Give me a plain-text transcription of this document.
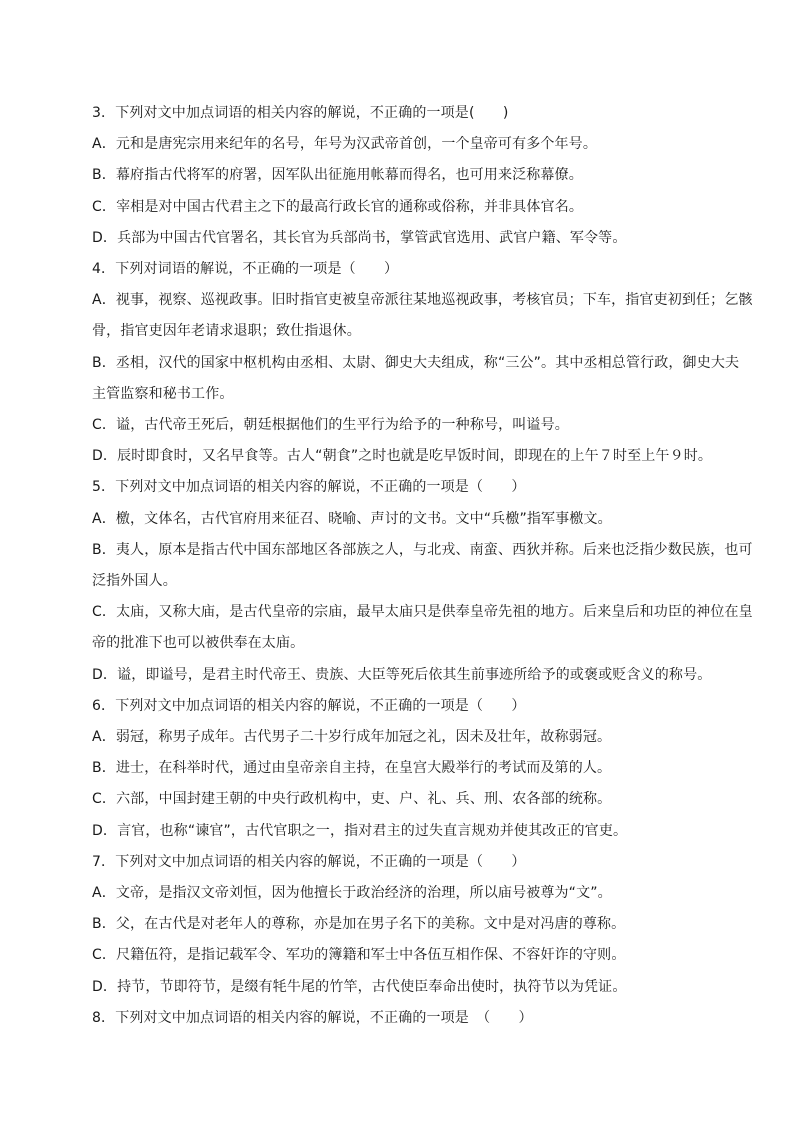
3．下列对文中加点词语的相关内容的解说，不正确的一项是(　　)
A．元和是唐宪宗用来纪年的名号，年号为汉武帝首创，一个皇帝可有多个年号。
B．幕府指古代将军的府署，因军队出征施用帐幕而得名，也可用来泛称幕僚。
C．宰相是对中国古代君主之下的最高行政长官的通称或俗称，并非具体官名。
D．兵部为中国古代官署名，其长官为兵部尚书，掌管武官选用、武官户籍、军令等。
4．下列对词语的解说，不正确的一项是（　　）
A．视事，视察、巡视政事。旧时指官吏被皇帝派往某地巡视政事，考核官员；下车，指官吏初到任；乞骸
骨，指官吏因年老请求退职；致仕指退休。
B．丞相，汉代的国家中枢机构由丞相、太尉、御史大夫组成，称“三公”。其中丞相总管行政，御史大夫
主管监察和秘书工作。
C．谥，古代帝王死后，朝廷根据他们的生平行为给予的一种称号，叫谥号。
D．辰时即食时，又名早食等。古人“朝食”之时也就是吃早饭时间，即现在的上午７时至上午９时。
5．下列对文中加点词语的相关内容的解说，不正确的一项是（　　）
A．檄，文体名，古代官府用来征召、晓喻、声讨的文书。文中“兵檄”指军事檄文。
B．夷人，原本是指古代中国东部地区各部族之人，与北戎、南蛮、西狄并称。后来也泛指少数民族，也可
泛指外国人。
C．太庙，又称大庙，是古代皇帝的宗庙，最早太庙只是供奉皇帝先祖的地方。后来皇后和功臣的神位在皇
帝的批准下也可以被供奉在太庙。
D．谥，即谥号，是君主时代帝王、贵族、大臣等死后依其生前事迹所给予的或褒或贬含义的称号。
6．下列对文中加点词语的相关内容的解说，不正确的一项是（　　）
A．弱冠，称男子成年。古代男子二十岁行成年加冠之礼，因未及壮年，故称弱冠。
B．进士，在科举时代，通过由皇帝亲自主持，在皇宫大殿举行的考试而及第的人。
C．六部，中国封建王朝的中央行政机构中，吏、户、礼、兵、刑、农各部的统称。
D．言官，也称“谏官”，古代官职之一，指对君主的过失直言规劝并使其改正的官吏。
7．下列对文中加点词语的相关内容的解说，不正确的一项是（　　）
A．文帝，是指汉文帝刘恒，因为他擅长于政治经济的治理，所以庙号被尊为“文”。
B．父，在古代是对老年人的尊称，亦是加在男子名下的美称。文中是对冯唐的尊称。
C．尺籍伍符，是指记载军令、军功的簿籍和军士中各伍互相作保、不容奸诈的守则。
D．持节，节即符节，是缀有牦牛尾的竹竿，古代使臣奉命出使时，执符节以为凭证。
8．下列对文中加点词语的相关内容的解说，不正确的一项是　（　　）
